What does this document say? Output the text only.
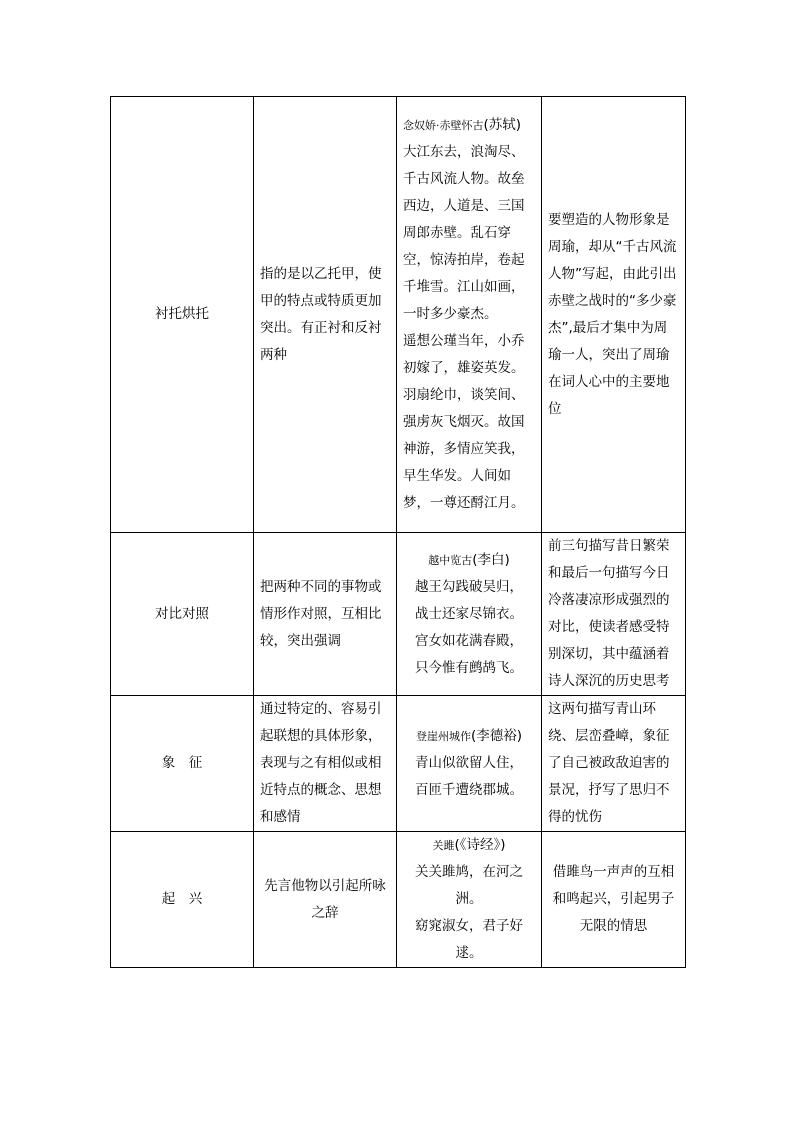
衬托烘托	指的是以乙托甲，使甲的特点或特质更加突出。有正衬和反衬两种	念奴娇·赤壁怀古(苏轼)
大江东去，浪淘尽、千古风流人物。故垒西边，人道是、三国周郎赤壁。乱石穿空，惊涛拍岸，卷起千堆雪。江山如画，一时多少豪杰。
遥想公瑾当年，小乔初嫁了，雄姿英发。羽扇纶巾，谈笑间、强虏灰飞烟灭。故国神游，多情应笑我，早生华发。人间如梦，一尊还酹江月。	要塑造的人物形象是周瑜，却从“千古风流人物”写起，由此引出赤壁之战时的“多少豪杰”,最后才集中为周瑜一人，突出了周瑜在词人心中的主要地位
对比对照	把两种不同的事物或情形作对照，互相比较，突出强调	越中览古(李白)
越王勾践破吴归，
战士还家尽锦衣。
宫女如花满春殿，
只今惟有鹧鸪飞。	前三句描写昔日繁荣和最后一句描写今日冷落凄凉形成强烈的对比，使读者感受特别深切，其中蕴涵着诗人深沉的历史思考
象　征	通过特定的、容易引起联想的具体形象，表现与之有相似或相近特点的概念、思想和感情	登崖州城作(李德裕)
青山似欲留人住，
百匝千遭绕郡城。	这两句描写青山环绕、层峦叠嶂，象征了自己被政敌迫害的景况，抒写了思归不得的忧伤
起　兴	先言他物以引起所咏之辞	关雎(《诗经》)
关关雎鸠，在河之洲。
窈窕淑女，君子好逑。	借雎鸟一声声的互相和鸣起兴，引起男子无限的情思
